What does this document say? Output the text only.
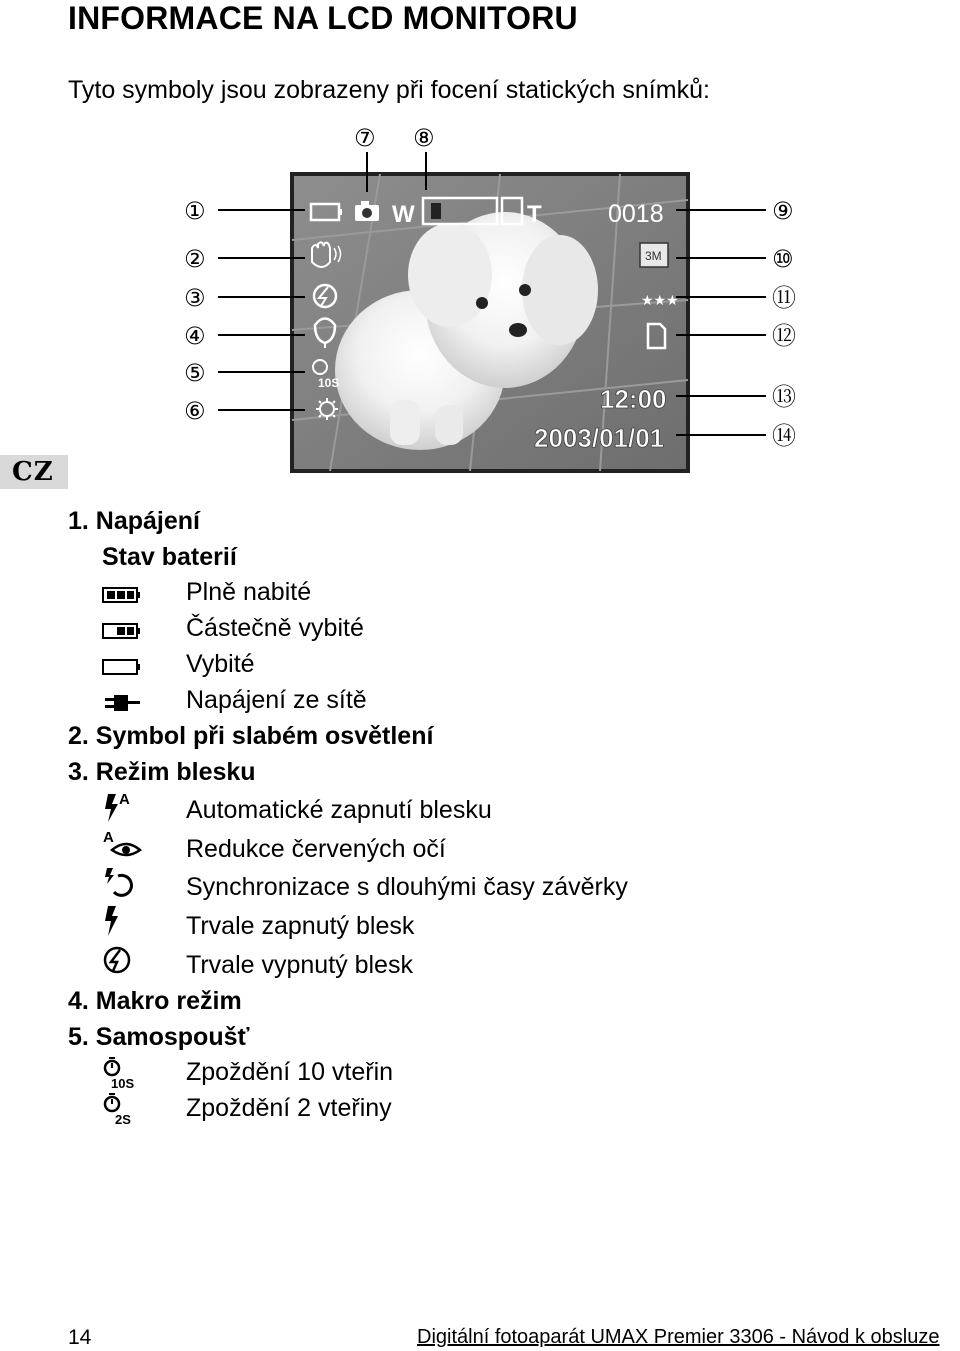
INFORMACE NA LCD MONITORU
Tyto symboly jsou zobrazeny při focení statických snímků:
CZ
W	T	0018
10S
3M
★★★
12:00
2003/01/01
①
②
③
④
⑤
⑥
⑦ ⑧
⑨
⑩
⑪
⑫
⑬
⑭
1. Napájení
Stav baterií
Plně nabité
Částečně vybité
Vybité
Napájení ze sítě
2. Symbol při slabém osvětlení
3. Režim blesku
A Automatické zapnutí blesku
A	Redukce červených očí
Synchronizace s dlouhými časy závěrky
Trvale zapnutý blesk
Trvale vypnutý blesk
4. Makro režim
5. Samospoušť
10S Zpoždění 10 vteřin
2S Zpoždění 2 vteřiny
14	Digitální fotoaparát UMAX Premier 3306 - Návod k obsluze
